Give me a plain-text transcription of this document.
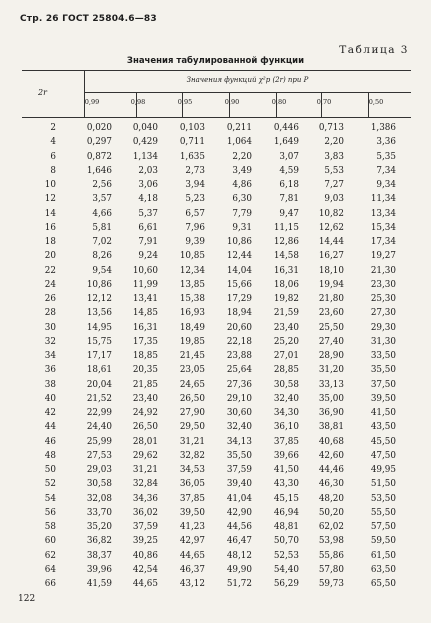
Стр. 26 ГОСТ 25804.6—83
Таблица 3
Значения табулированной функции
2r
Значения функций χ²p (2r) при P
0,99	0,98	0,95	0,90	0,80	0,70	0,50
2	0,020	0,040	0,103	0,211	0,446	0,713	1,386
4	0,297	0,429	0,711	1,064	1,649	2,20	3,36
6	0,872	1,134	1,635	2,20	3,07	3,83	5,35
8	1,646	2,03	2,73	3,49	4,59	5,53	7,34
10	2,56	3,06	3,94	4,86	6,18	7,27	9,34
12	3,57	4,18	5,23	6,30	7,81	9,03	11,34
14	4,66	5,37	6,57	7,79	9,47	10,82	13,34
16	5,81	6,61	7,96	9,31	11,15	12,62	15,34
18	7,02	7,91	9,39	10,86	12,86	14,44	17,34
20	8,26	9,24	10,85	12,44	14,58	16,27	19,27
22	9,54	10,60	12,34	14,04	16,31	18,10	21,30
24	10,86	11,99	13,85	15,66	18,06	19,94	23,30
26	12,12	13,41	15,38	17,29	19,82	21,80	25,30
28	13,56	14,85	16,93	18,94	21,59	23,60	27,30
30	14,95	16,31	18,49	20,60	23,40	25,50	29,30
32	15,75	17,35	19,85	22,18	25,20	27,40	31,30
34	17,17	18,85	21,45	23,88	27,01	28,90	33,50
36	18,61	20,35	23,05	25,64	28,85	31,20	35,50
38	20,04	21,85	24,65	27,36	30,58	33,13	37,50
40	21,52	23,40	26,50	29,10	32,40	35,00	39,50
42	22,99	24,92	27,90	30,60	34,30	36,90	41,50
44	24,40	26,50	29,50	32,40	36,10	38,81	43,50
46	25,99	28,01	31,21	34,13	37,85	40,68	45,50
48	27,53	29,62	32,82	35,50	39,66	42,60	47,50
50	29,03	31,21	34,53	37,59	41,50	44,46	49,95
52	30,58	32,84	36,05	39,40	43,30	46,30	51,50
54	32,08	34,36	37,85	41,04	45,15	48,20	53,50
56	33,70	36,02	39,50	42,90	46,94	50,20	55,50
58	35,20	37,59	41,23	44,56	48,81	62,02	57,50
60	36,82	39,25	42,97	46,47	50,70	53,98	59,50
62	38,37	40,86	44,65	48,12	52,53	55,86	61,50
64	39,96	42,54	46,37	49,90	54,40	57,80	63,50
66	41,59	44,65	43,12	51,72	56,29	59,73	65,50
122
